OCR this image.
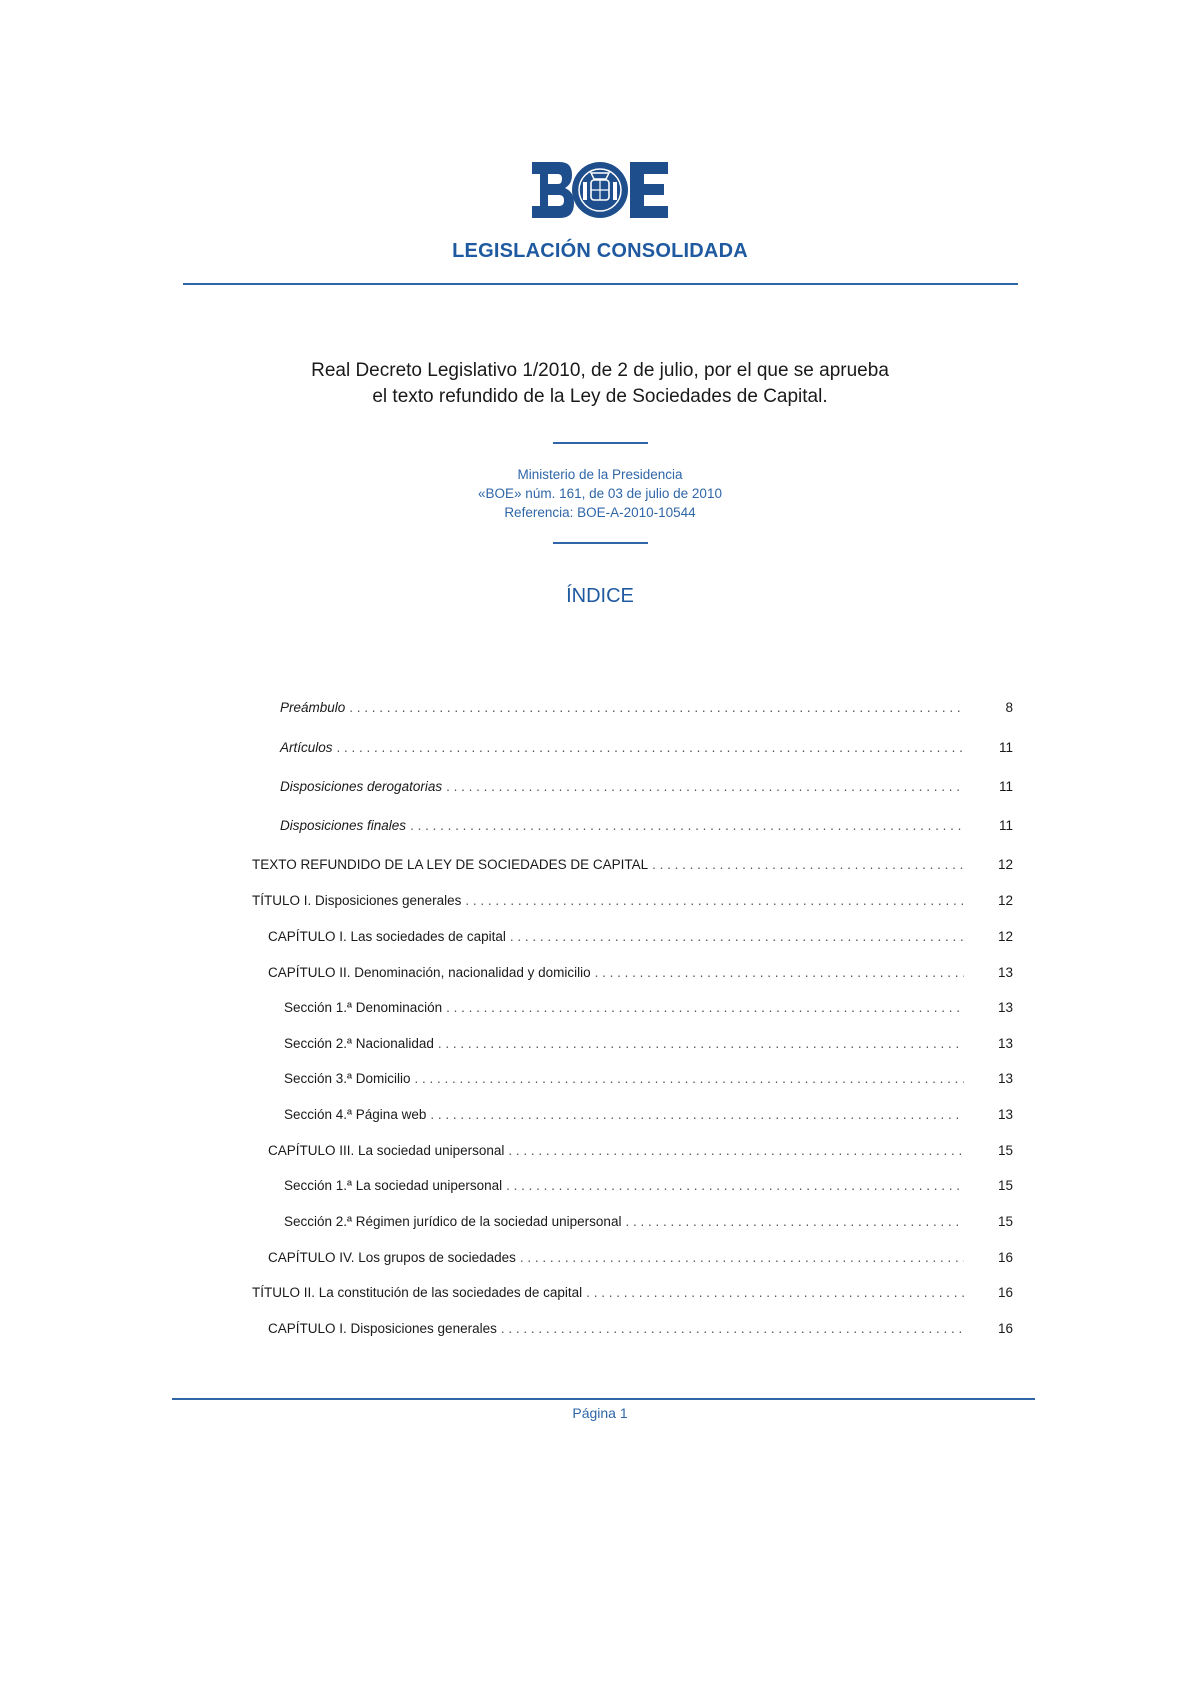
LEGISLACIÓN CONSOLIDADA
Real Decreto Legislativo 1/2010, de 2 de julio, por el que se aprueba
el texto refundido de la Ley de Sociedades de Capital.
Ministerio de la Presidencia
«BOE» núm. 161, de 03 de julio de 2010
Referencia: BOE-A-2010-10544
ÍNDICE
Preámbulo . . .	8
Artículos . . .	11
Disposiciones derogatorias . . .	11
Disposiciones finales . . .	11
TEXTO REFUNDIDO DE LA LEY DE SOCIEDADES DE CAPITAL . . .	12
TÍTULO I. Disposiciones generales . . .	12
CAPÍTULO I. Las sociedades de capital . . .	12
CAPÍTULO II. Denominación, nacionalidad y domicilio . . .	13
Sección 1.ª Denominación . . .	13
Sección 2.ª Nacionalidad . . .	13
Sección 3.ª Domicilio . . .	13
Sección 4.ª Página web . . .	13
CAPÍTULO III. La sociedad unipersonal . . .	15
Sección 1.ª La sociedad unipersonal . . .	15
Sección 2.ª Régimen jurídico de la sociedad unipersonal . . .	15
CAPÍTULO IV. Los grupos de sociedades . . .	16
TÍTULO II. La constitución de las sociedades de capital . . .	16
CAPÍTULO I. Disposiciones generales . . .	16
Página 1
